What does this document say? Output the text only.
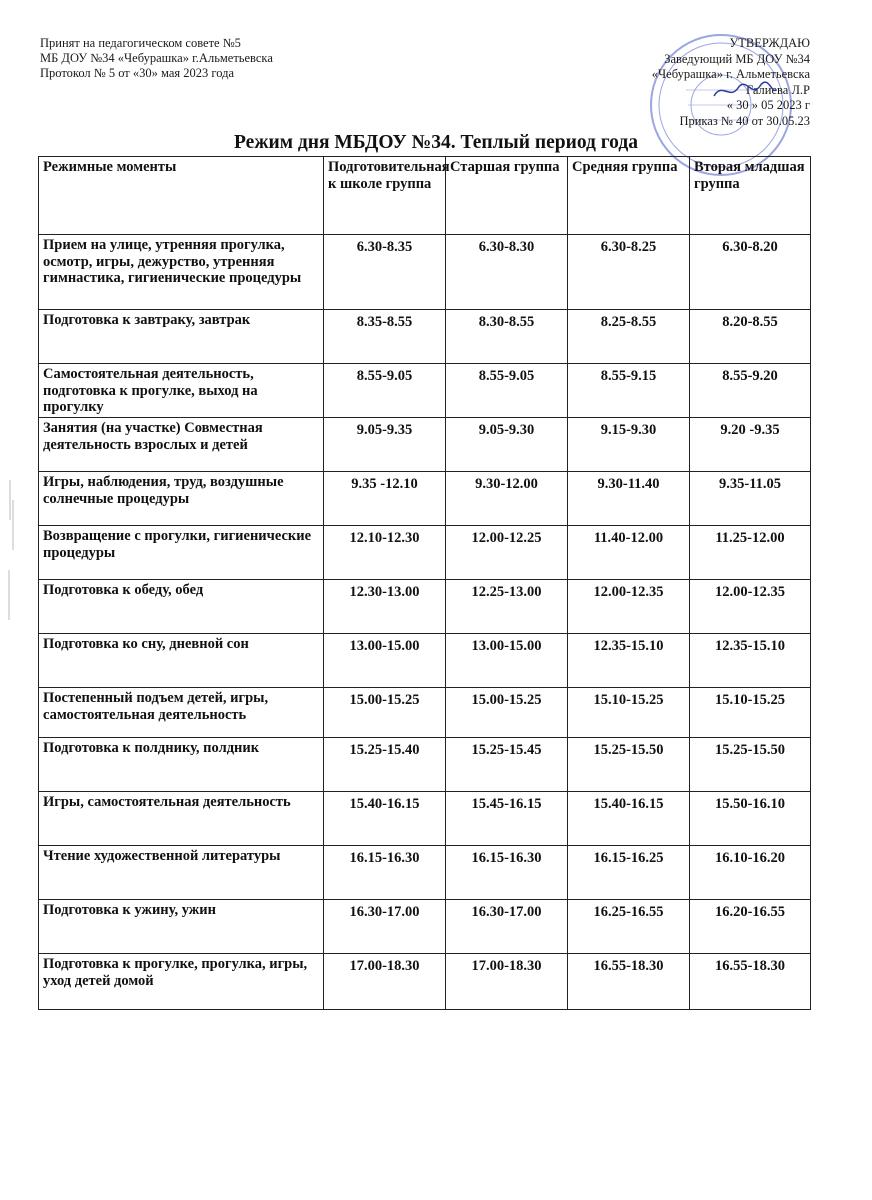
Принят на педагогическом совете №5
МБ ДОУ №34 «Чебурашка» г.Альметьевска
Протокол № 5 от «30» мая 2023 года
УТВЕРЖДАЮ
Заведующий МБ ДОУ №34
«Чебурашка» г. Альметьевска
Галиева Л.Р
« 30 » 05 2023 г
Приказ № 40 от 30.05.23
Режим дня МБДОУ №34. Теплый период года
Режимные моменты	Подготовительная к школе группа	Старшая группа	Средняя группа	Вторая младшая группа
Прием на улице, утренняя прогулка, осмотр, игры, дежурство, утренняя гимнастика, гигиенические процедуры	6.30-8.35	6.30-8.30	6.30-8.25	6.30-8.20
Подготовка к завтраку, завтрак	8.35-8.55	8.30-8.55	8.25-8.55	8.20-8.55
Самостоятельная деятельность, подготовка к прогулке, выход на прогулку	8.55-9.05	8.55-9.05	8.55-9.15	8.55-9.20
Занятия (на участке) Совместная деятельность взрослых и детей	9.05-9.35	9.05-9.30	9.15-9.30	9.20 -9.35
Игры, наблюдения, труд, воздушные солнечные процедуры	9.35 -12.10	9.30-12.00	9.30-11.40	9.35-11.05
Возвращение с прогулки, гигиенические процедуры	12.10-12.30	12.00-12.25	11.40-12.00	11.25-12.00
Подготовка к обеду, обед	12.30-13.00	12.25-13.00	12.00-12.35	12.00-12.35
Подготовка ко сну, дневной сон	13.00-15.00	13.00-15.00	12.35-15.10	12.35-15.10
Постепенный подъем детей, игры, самостоятельная деятельность	15.00-15.25	15.00-15.25	15.10-15.25	15.10-15.25
Подготовка к полднику, полдник	15.25-15.40	15.25-15.45	15.25-15.50	15.25-15.50
Игры, самостоятельная деятельность	15.40-16.15	15.45-16.15	15.40-16.15	15.50-16.10
Чтение художественной литературы	16.15-16.30	16.15-16.30	16.15-16.25	16.10-16.20
Подготовка к ужину, ужин	16.30-17.00	16.30-17.00	16.25-16.55	16.20-16.55
Подготовка к прогулке, прогулка, игры, уход детей домой	17.00-18.30	17.00-18.30	16.55-18.30	16.55-18.30
